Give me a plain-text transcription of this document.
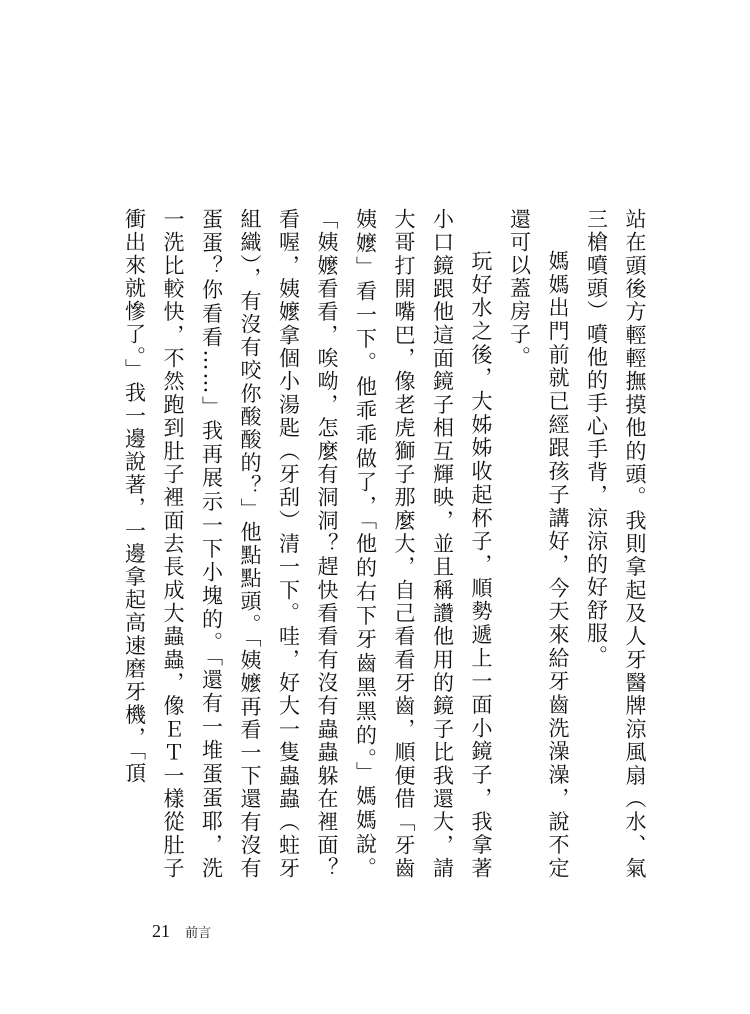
站在頭後方輕輕撫摸他的頭。我則拿起及人牙醫牌涼風扇（水、氣三槍噴頭）噴他的手心手背，涼涼的好舒服。

媽媽出門前就已經跟孩子講好，今天來給牙齒洗澡澡，說不定還可以蓋房子。

玩好水之後，大姊姊收起杯子，順勢遞上一面小鏡子，我拿著小口鏡跟他這面鏡子相互輝映，並且稱讚他用的鏡子比我還大，請大哥打開嘴巴，像老虎獅子那麼大，自己看看牙齒，順便借「牙齒姨嬤」看一下。他乖乖做了，「他的右下牙齒黑黑的。」媽媽說。「姨嬤看看，唉呦，怎麼有洞洞？趕快看看有沒有蟲蟲躲在裡面？看喔，姨嬤拿個小湯匙（牙刮）清一下。哇，好大一隻蟲蟲（蛀牙組織），有沒有咬你酸酸的？」他點點頭。「姨嬤再看一下還有沒有蛋蛋？你看看……」我再展示一下小塊的。「還有一堆蛋蛋耶，洗一洗比較快，不然跑到肚子裡面去長成大蟲蟲，像ＥＴ一樣從肚子衝出來就慘了。」我一邊說著，一邊拿起高速磨牙機，「頂

21 前言
